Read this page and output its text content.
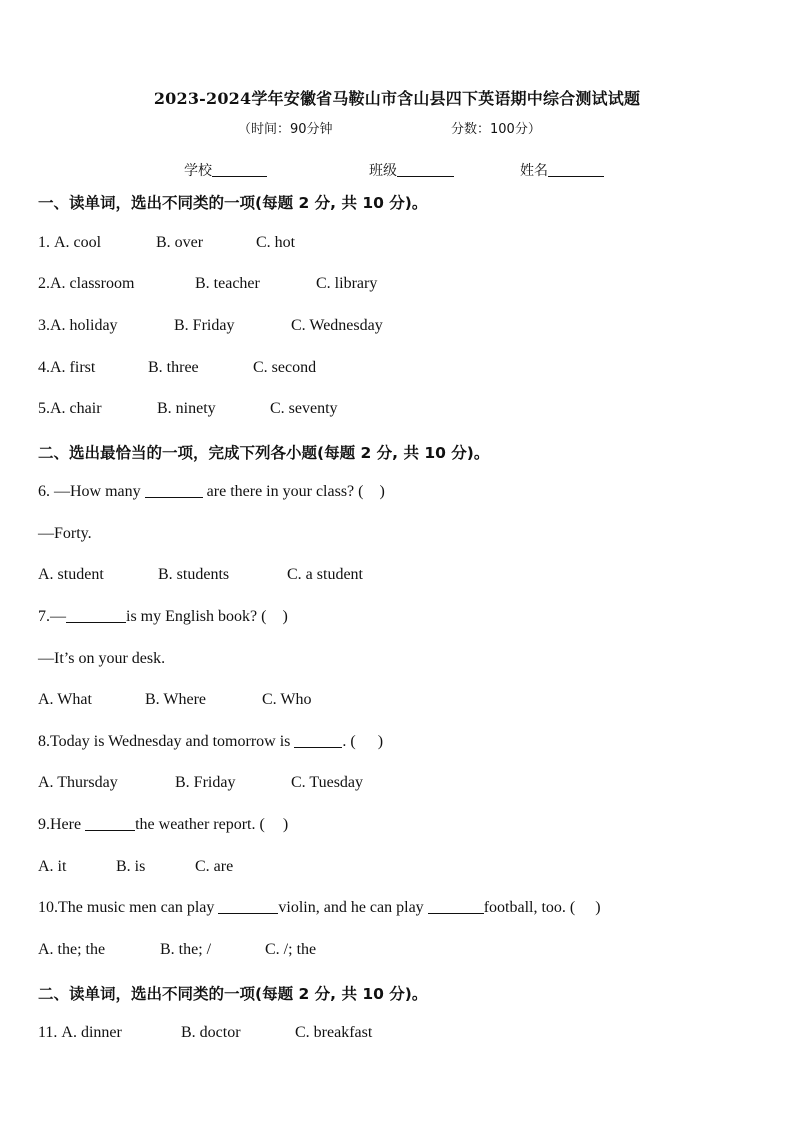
2023-2024学年安徽省马鞍山市含山县四下英语期中综合测试试题
（时间：90分钟	分数：100分）
学校	班级	姓名
一、读单词，选出不同类的一项(每题 2 分, 共 10 分)。
1. A. cool	B. over	C. hot
2.A. classroom	B. teacher	C. library
3.A. holiday	B. Friday	C. Wednesday
4.A. first	B. three	C. second
5.A. chair	B. ninety	C. seventy
二、选出最恰当的一项，完成下列各小题(每题 2 分, 共 10 分)。
6. —How many	are there in your class? ( )
—Forty.
A. student	B. students	C. a student
7.—	is my English book? ( )
—It’s on your desk.
A. What	B. Where	C. Who
8.Today is Wednesday and tomorrow is	. ( )
A. Thursday	B. Friday	C. Tuesday
9.Here	the weather report. ( )
A. it	B. is	C. are
10.The music men can play	violin, and he can play	football, too. ( )
A. the; the	B. the; /	C. /; the
二、读单词，选出不同类的一项(每题 2 分, 共 10 分)。
11. A. dinner	B. doctor	C. breakfast
